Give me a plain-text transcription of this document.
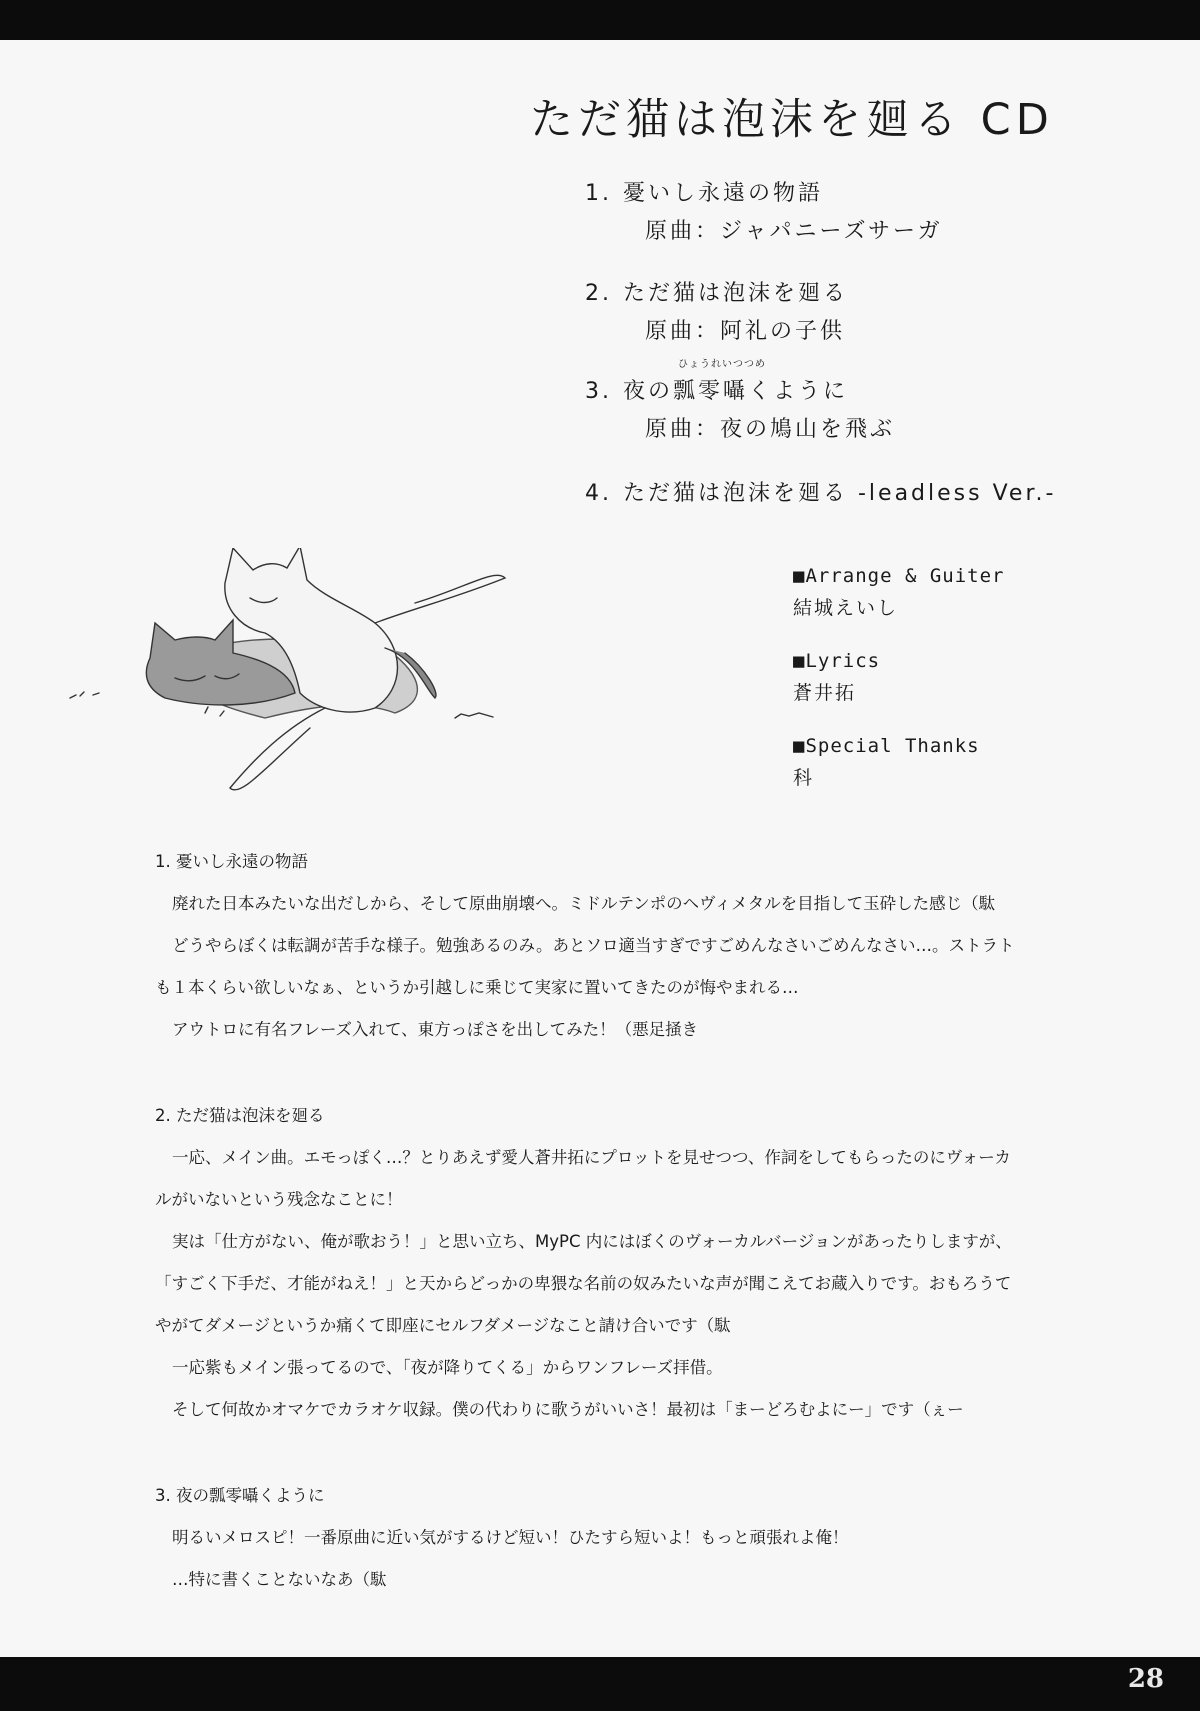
ただ猫は泡沫を廻る CD
1. 憂いし永遠の物語
原曲：ジャパニーズサーガ
2. ただ猫は泡沫を廻る
原曲：阿礼の子供
ひょうれいつつめ
3. 夜の瓢零囁くように
原曲：夜の鳩山を飛ぶ
4. ただ猫は泡沫を廻る -leadless Ver.-
■Arrange & Guiter
結城えいし
■Lyrics
蒼井拓
■Special Thanks
科
1. 憂いし永遠の物語

廃れた日本みたいな出だしから、そして原曲崩壊へ。ミドルテンポのヘヴィメタルを目指して玉砕した感じ（駄

どうやらぼくは転調が苦手な様子。勉強あるのみ。あとソロ適当すぎですごめんなさいごめんなさい…。ストラト

も１本くらい欲しいなぁ、というか引越しに乗じて実家に置いてきたのが悔やまれる…

アウトロに有名フレーズ入れて、東方っぽさを出してみた！（悪足掻き

2. ただ猫は泡沫を廻る

一応、メイン曲。エモっぽく…？とりあえず愛人蒼井拓にプロットを見せつつ、作詞をしてもらったのにヴォーカ

ルがいないという残念なことに！

実は「仕方がない、俺が歌おう！」と思い立ち、MyPC 内にはぼくのヴォーカルバージョンがあったりしますが、

「すごく下手だ、才能がねえ！」と天からどっかの卑猥な名前の奴みたいな声が聞こえてお蔵入りです。おもろうて

やがてダメージというか痛くて即座にセルフダメージなこと請け合いです（駄

一応紫もメイン張ってるので、「夜が降りてくる」からワンフレーズ拝借。

そして何故かオマケでカラオケ収録。僕の代わりに歌うがいいさ！最初は「まーどろむよにー」です（ぇー

3. 夜の瓢零囁くように

明るいメロスピ！一番原曲に近い気がするけど短い！ひたすら短いよ！もっと頑張れよ俺！

…特に書くことないなあ（駄

28
